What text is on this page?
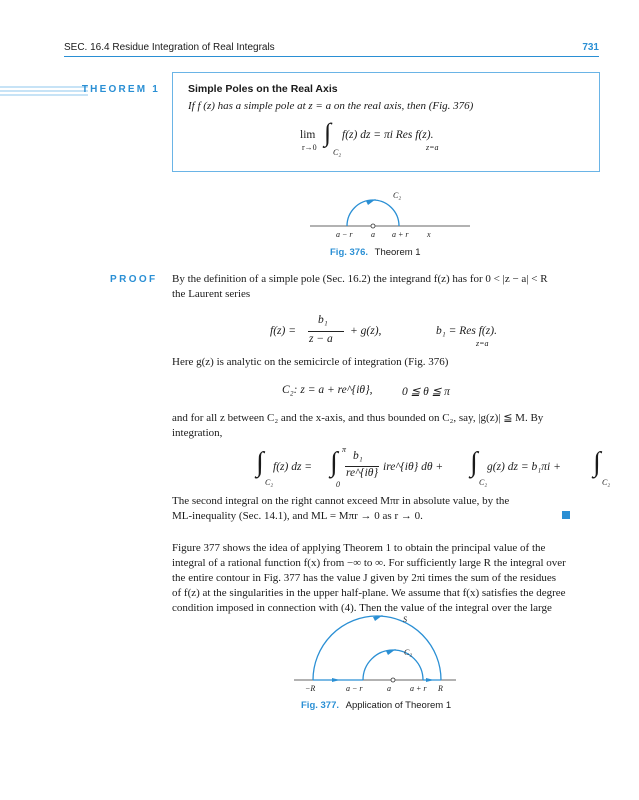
SEC. 16.4 Residue Integration of Real Integrals	731
THEOREM 1	Simple Poles on the Real Axis
If f (z) has a simple pole at z = a on the real axis, then (Fig. 376)
lim
r→0
∫
C₂
f(z) dz = πi Res f(z).
z=a
C₂
a − r a a + r x
Fig. 376. Theorem 1
PROOF By the definition of a simple pole (Sec. 16.2) the integrand f(z) has for 0 < |z − a| < R
the Laurent series
f(z) =
b₁
z − a
+ g(z),	b₁ = Res f(z).
z=a
Here g(z) is analytic on the semicircle of integration (Fig. 376)
C₂: z = a + re^{iθ},	0 ≦ θ ≦ π
and for all z between C₂ and the x-axis, and thus bounded on C₂, say, |g(z)| ≦ M. By
integration,
∫
C₂
f(z) dz = ∫ π
0
b₁
re^{iθ} ire^{iθ} dθ + ∫
C₂
g(z) dz = b₁πi + ∫
C₂
The second integral on the right cannot exceed Mπr in absolute value, by the
ML-inequality (Sec. 14.1), and ML = Mπr → 0 as r → 0.
Figure 377 shows the idea of applying Theorem 1 to obtain the principal value of the
integral of a rational function f(x) from −∞ to ∞. For sufficiently large R the integral over
the entire contour in Fig. 377 has the value J given by 2πi times the sum of the residues
of f(z) at the singularities in the upper half-plane. We assume that f(x) satisfies the degree
condition imposed in connection with (4). Then the value of the integral over the large
S
C₂
−R	a − r	a a + r R
Fig. 377. Application of Theorem 1
